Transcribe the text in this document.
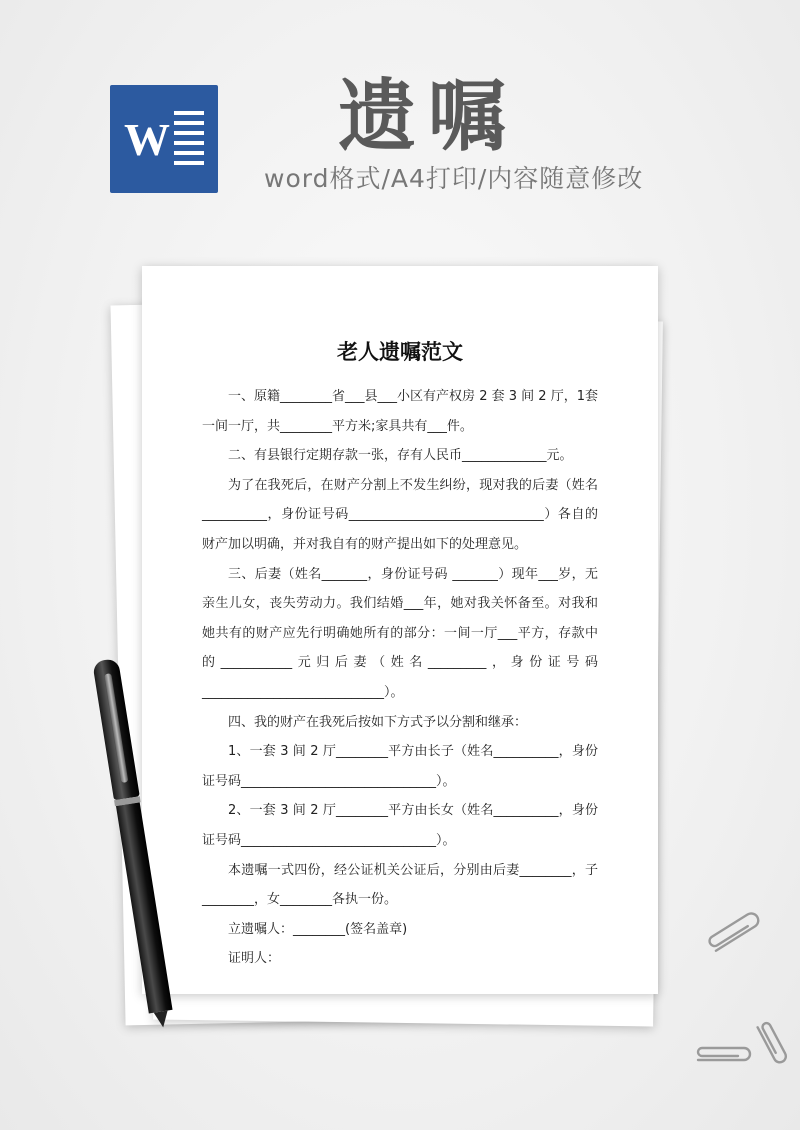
W 遗嘱
word格式/A4打印/内容随意修改
老人遗嘱范文

一、原籍________省___县___小区有产权房 2 套 3 间 2 厅，1套一间一厅，共________平方米;家具共有___件。

二、有县银行定期存款一张，存有人民币_____________元。

为了在我死后，在财产分割上不发生纠纷，现对我的后妻（姓名__________，身份证号码______________________________）各自的财产加以明确，并对我自有的财产提出如下的处理意见。

三、后妻（姓名_______，身份证号码 _______）现年___岁，无亲生儿女，丧失劳动力。我们结婚___年，她对我关怀备至。对我和她共有的财产应先行明确她所有的部分：一间一厅___平方，存款中的___________元归后妻（姓名_________，身份证号码____________________________）。

四、我的财产在我死后按如下方式予以分割和继承：

1、一套 3 间 2 厅________平方由长子（姓名__________，身份证号码______________________________）。

2、一套 3 间 2 厅________平方由长女（姓名__________，身份证号码______________________________）。

本遗嘱一式四份，经公证机关公证后，分别由后妻________，子________，女________各执一份。

立遗嘱人：________(签名盖章)

证明人：
